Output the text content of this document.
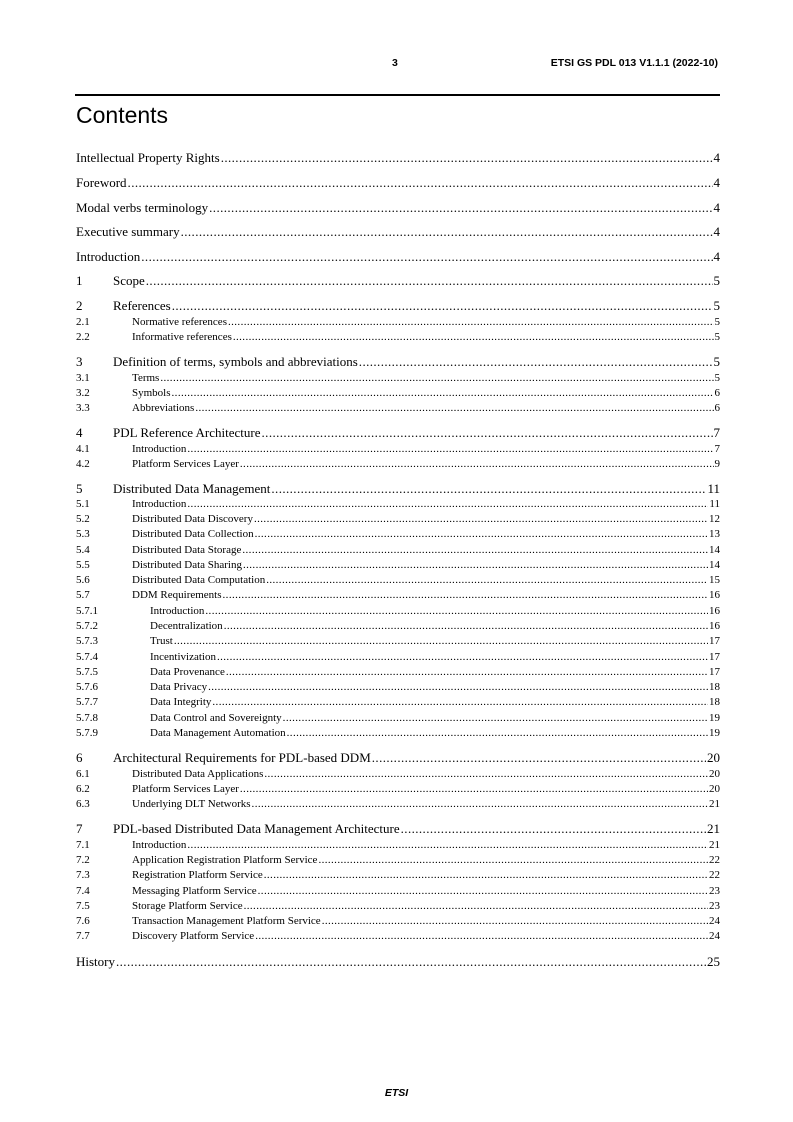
3	ETSI GS PDL 013 V1.1.1 (2022-10)
Contents
Intellectual Property Rights .....	4
Foreword .....	4
Modal verbs terminology .....	4
Executive summary .....	4
Introduction .....	4
1	Scope .....	5
2	References .....	5
2.1	Normative references .....	5
2.2	Informative references .....	5
3	Definition of terms, symbols and abbreviations .....	5
3.1	Terms .....	5
3.2	Symbols .....	6
3.3	Abbreviations .....	6
4	PDL Reference Architecture .....	7
4.1	Introduction .....	7
4.2	Platform Services Layer .....	9
5	Distributed Data Management .....	11
5.1	Introduction .....	11
5.2	Distributed Data Discovery .....	12
5.3	Distributed Data Collection .....	13
5.4	Distributed Data Storage .....	14
5.5	Distributed Data Sharing .....	14
5.6	Distributed Data Computation .....	15
5.7	DDM Requirements .....	16
5.7.1	Introduction .....	16
5.7.2	Decentralization .....	16
5.7.3	Trust .....	17
5.7.4	Incentivization .....	17
5.7.5	Data Provenance .....	17
5.7.6	Data Privacy .....	18
5.7.7	Data Integrity .....	18
5.7.8	Data Control and Sovereignty .....	19
5.7.9	Data Management Automation .....	19
6	Architectural Requirements for PDL-based DDM .....	20
6.1	Distributed Data Applications .....	20
6.2	Platform Services Layer .....	20
6.3	Underlying DLT Networks .....	21
7	PDL-based Distributed Data Management Architecture .....	21
7.1	Introduction .....	21
7.2	Application Registration Platform Service .....	22
7.3	Registration Platform Service .....	22
7.4	Messaging Platform Service .....	23
7.5	Storage Platform Service .....	23
7.6	Transaction Management Platform Service .....	24
7.7	Discovery Platform Service .....	24
History .....	25
ETSI
